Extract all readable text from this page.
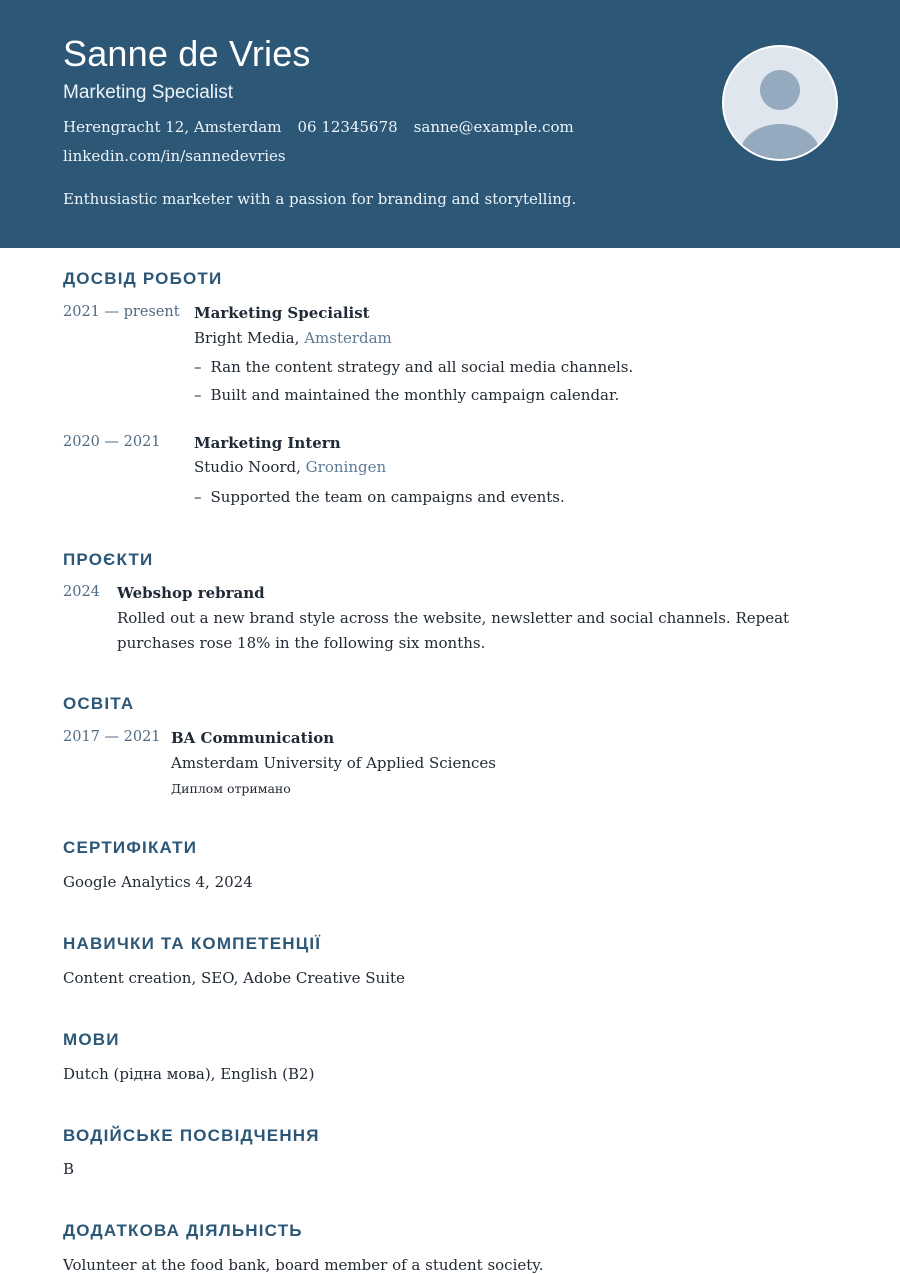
Sanne de Vries
Marketing Specialist
Herengracht 12, Amsterdam 06 12345678 sanne@example.com
linkedin.com/in/sannedevries
Enthusiastic marketer with a passion for branding and storytelling.
ДОСВІД РОБОТИ
2021 — present Marketing Specialist
Bright Media, Amsterdam
– Ran the content strategy and all social media channels.
– Built and maintained the monthly campaign calendar.
2020 — 2021 Marketing Intern
Studio Noord, Groningen
– Supported the team on campaigns and events.
ПРОЄКТИ
2024 Webshop rebrand
Rolled out a new brand style across the website, newsletter and social channels. Repeat
purchases rose 18% in the following six months.
ОСВІТА
2017 — 2021 BA Communication
Amsterdam University of Applied Sciences
Диплом отримано
СЕРТИФІКАТИ
Google Analytics 4, 2024
НАВИЧКИ ТА КОМПЕТЕНЦІЇ
Content creation, SEO, Adobe Creative Suite
МОВИ
Dutch (рідна мова), English (B2)
ВОДІЙСЬКЕ ПОСВІДЧЕННЯ
B
ДОДАТКОВА ДІЯЛЬНІСТЬ
Volunteer at the food bank, board member of a student society.
